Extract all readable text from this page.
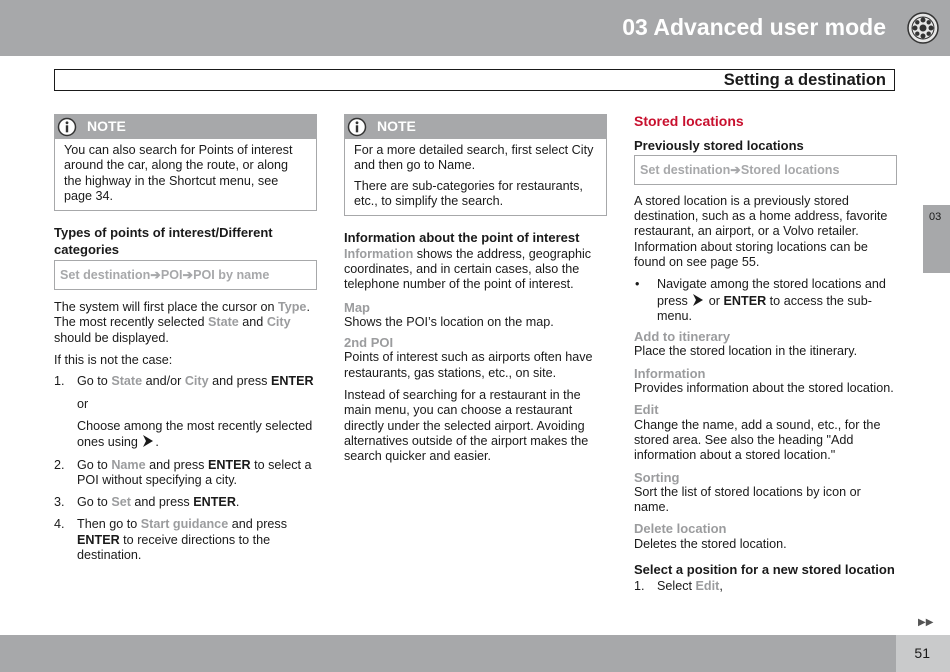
03 Advanced user mode
Setting a destination
NOTE

You can also search for Points of interest around the car, along the route, or along the highway in the Shortcut menu, see page 34.

Types of points of interest/Different categories
Set destination➔POI➔POI by name

The system will first place the cursor on Type. The most recently selected State and City should be displayed.

If this is not the case:

1. Go to State and/or City and press ENTER

or

Choose among the most recently selected ones using .

2. Go to Name and press ENTER to select a POI without specifying a city.
3. Go to Set and press ENTER.
4. Then go to Start guidance and press ENTER to receive directions to the destination.
NOTE

For a more detailed search, first select City and then go to Name.

There are sub-categories for restaurants, etc., to simplify the search.

Information about the point of interest

Information shows the address, geographic coordinates, and in certain cases, also the telephone number of the point of interest.

Map

Shows the POI’s location on the map.

2nd POI

Points of interest such as airports often have restaurants, gas stations, etc., on site.

Instead of searching for a restaurant in the main menu, you can choose a restaurant directly under the selected airport. Avoiding alternatives outside of the airport makes the search quicker and easier.

Stored locations
Previously stored locations
Set destination➔Stored locations

A stored location is a previously stored destination, such as a home address, favorite restaurant, an airport, or a Volvo retailer. Information about storing locations can be found on see page 55.

• Navigate among the stored locations and press  or ENTER to access the sub-menu.
Add to itinerary

Place the stored location in the itinerary.

Information

Provides information about the stored location.

Edit

Change the name, add a sound, etc., for the stored area. See also the heading "Add information about a stored location."

Sorting

Sort the list of stored locations by icon or name.

Delete location

Deletes the stored location.

Select a position for a new stored location
1. Select Edit,
03
▶▶
51
